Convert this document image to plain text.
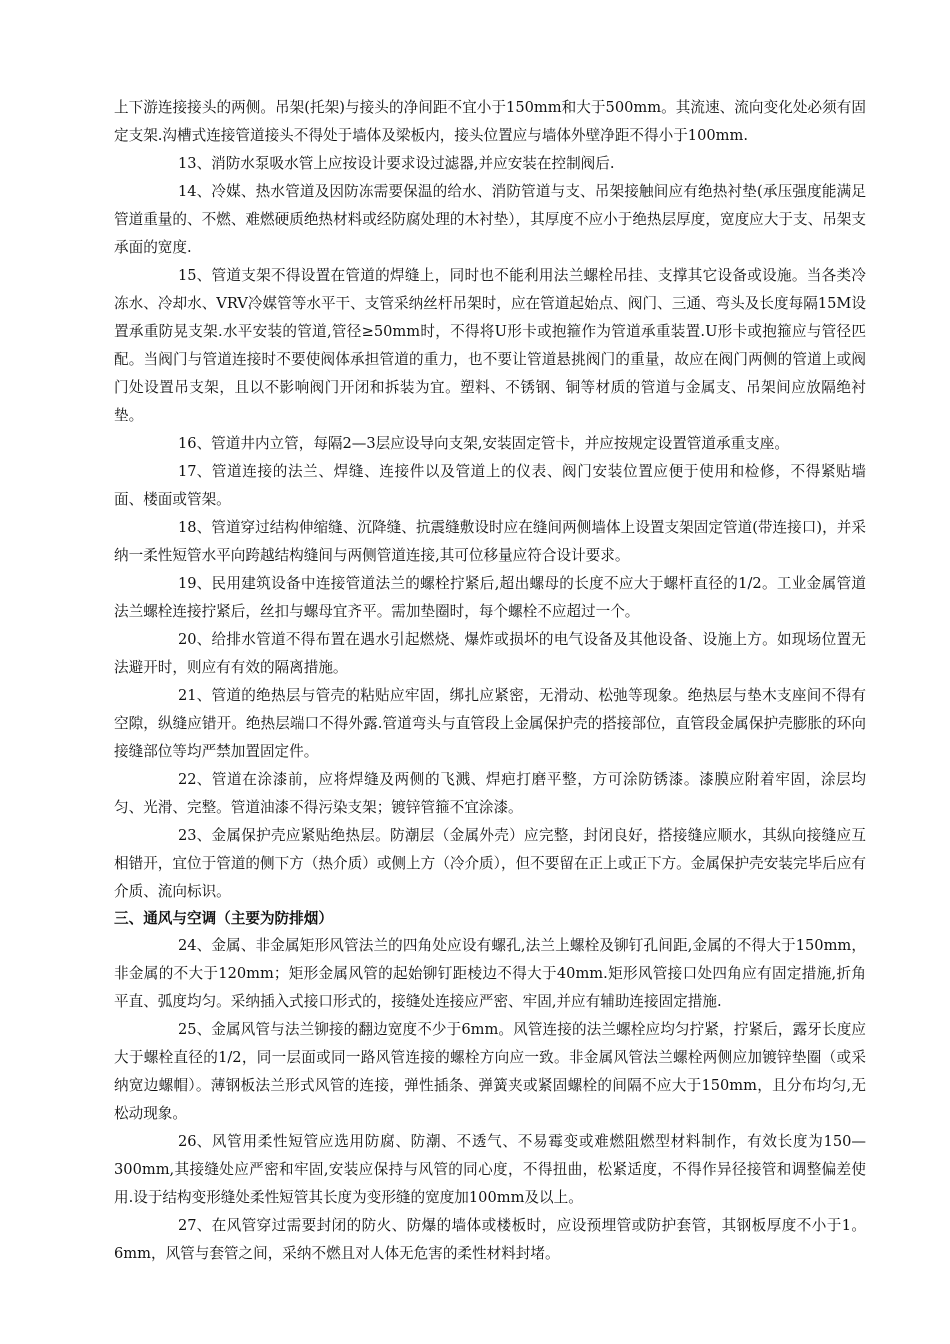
上下游连接接头的两侧。吊架(托架)与接头的净间距不宜小于150mm和大于500mm。其流速、流向变化处必须有固定支架.沟槽式连接管道接头不得处于墙体及梁板内，接头位置应与墙体外壁净距不得小于100mm.

13、消防水泵吸水管上应按设计要求设过滤器,并应安装在控制阀后.

14、冷媒、热水管道及因防冻需要保温的给水、消防管道与支、吊架接触间应有绝热衬垫(承压强度能满足管道重量的、不燃、难燃硬质绝热材料或经防腐处理的木衬垫），其厚度不应小于绝热层厚度，宽度应大于支、吊架支承面的宽度.

15、管道支架不得设置在管道的焊缝上，同时也不能利用法兰螺栓吊挂、支撑其它设备或设施。当各类冷冻水、冷却水、VRV冷媒管等水平干、支管采纳丝杆吊架时，应在管道起始点、阀门、三通、弯头及长度每隔15M设置承重防晃支架.水平安装的管道,管径≥50mm时，不得将U形卡或抱箍作为管道承重装置.U形卡或抱箍应与管径匹配。当阀门与管道连接时不要使阀体承担管道的重力，也不要让管道悬挑阀门的重量，故应在阀门两侧的管道上或阀门处设置吊支架，且以不影响阀门开闭和拆装为宜。塑料、不锈钢、铜等材质的管道与金属支、吊架间应放隔绝衬垫。

16、管道井内立管，每隔2—3层应设导向支架,安装固定管卡，并应按规定设置管道承重支座。

17、管道连接的法兰、焊缝、连接件以及管道上的仪表、阀门安装位置应便于使用和检修，不得紧贴墙面、楼面或管架。

18、管道穿过结构伸缩缝、沉降缝、抗震缝敷设时应在缝间两侧墙体上设置支架固定管道(带连接口)，并采纳一柔性短管水平向跨越结构缝间与两侧管道连接,其可位移量应符合设计要求。

19、民用建筑设备中连接管道法兰的螺栓拧紧后,超出螺母的长度不应大于螺杆直径的1/2。工业金属管道法兰螺栓连接拧紧后，丝扣与螺母宜齐平。需加垫圈时，每个螺栓不应超过一个。

20、给排水管道不得布置在遇水引起燃烧、爆炸或损坏的电气设备及其他设备、设施上方。如现场位置无法避开时，则应有有效的隔离措施。

21、管道的绝热层与管壳的粘贴应牢固，绑扎应紧密，无滑动、松弛等现象。绝热层与垫木支座间不得有空隙，纵缝应错开。绝热层端口不得外露.管道弯头与直管段上金属保护壳的搭接部位，直管段金属保护壳膨胀的环向接缝部位等均严禁加置固定件。

22、管道在涂漆前，应将焊缝及两侧的飞溅、焊疤打磨平整，方可涂防锈漆。漆膜应附着牢固，涂层均匀、光滑、完整。管道油漆不得污染支架；镀锌管箍不宜涂漆。

23、金属保护壳应紧贴绝热层。防潮层（金属外壳）应完整，封闭良好，搭接缝应顺水，其纵向接缝应互相错开，宜位于管道的侧下方（热介质）或侧上方（冷介质），但不要留在正上或正下方。金属保护壳安装完毕后应有介质、流向标识。

三、通风与空调（主要为防排烟）

24、金属、非金属矩形风管法兰的四角处应设有螺孔,法兰上螺栓及铆钉孔间距,金属的不得大于150mm，非金属的不大于120mm；矩形金属风管的起始铆钉距棱边不得大于40mm.矩形风管接口处四角应有固定措施,折角平直、弧度均匀。采纳插入式接口形式的，接缝处连接应严密、牢固,并应有辅助连接固定措施.

25、金属风管与法兰铆接的翻边宽度不少于6mm。风管连接的法兰螺栓应均匀拧紧，拧紧后，露牙长度应大于螺栓直径的1/2，同一层面或同一路风管连接的螺栓方向应一致。非金属风管法兰螺栓两侧应加镀锌垫圈（或采纳宽边螺帽）。薄钢板法兰形式风管的连接，弹性插条、弹簧夹或紧固螺栓的间隔不应大于150mm，且分布均匀,无松动现象。

26、风管用柔性短管应选用防腐、防潮、不透气、不易霉变或难燃阻燃型材料制作，有效长度为150—300mm,其接缝处应严密和牢固,安装应保持与风管的同心度，不得扭曲，松紧适度，不得作异径接管和调整偏差使用.设于结构变形缝处柔性短管其长度为变形缝的宽度加100mm及以上。

27、在风管穿过需要封闭的防火、防爆的墙体或楼板时，应设预埋管或防护套管，其钢板厚度不小于1。6mm，风管与套管之间，采纳不燃且对人体无危害的柔性材料封堵。
